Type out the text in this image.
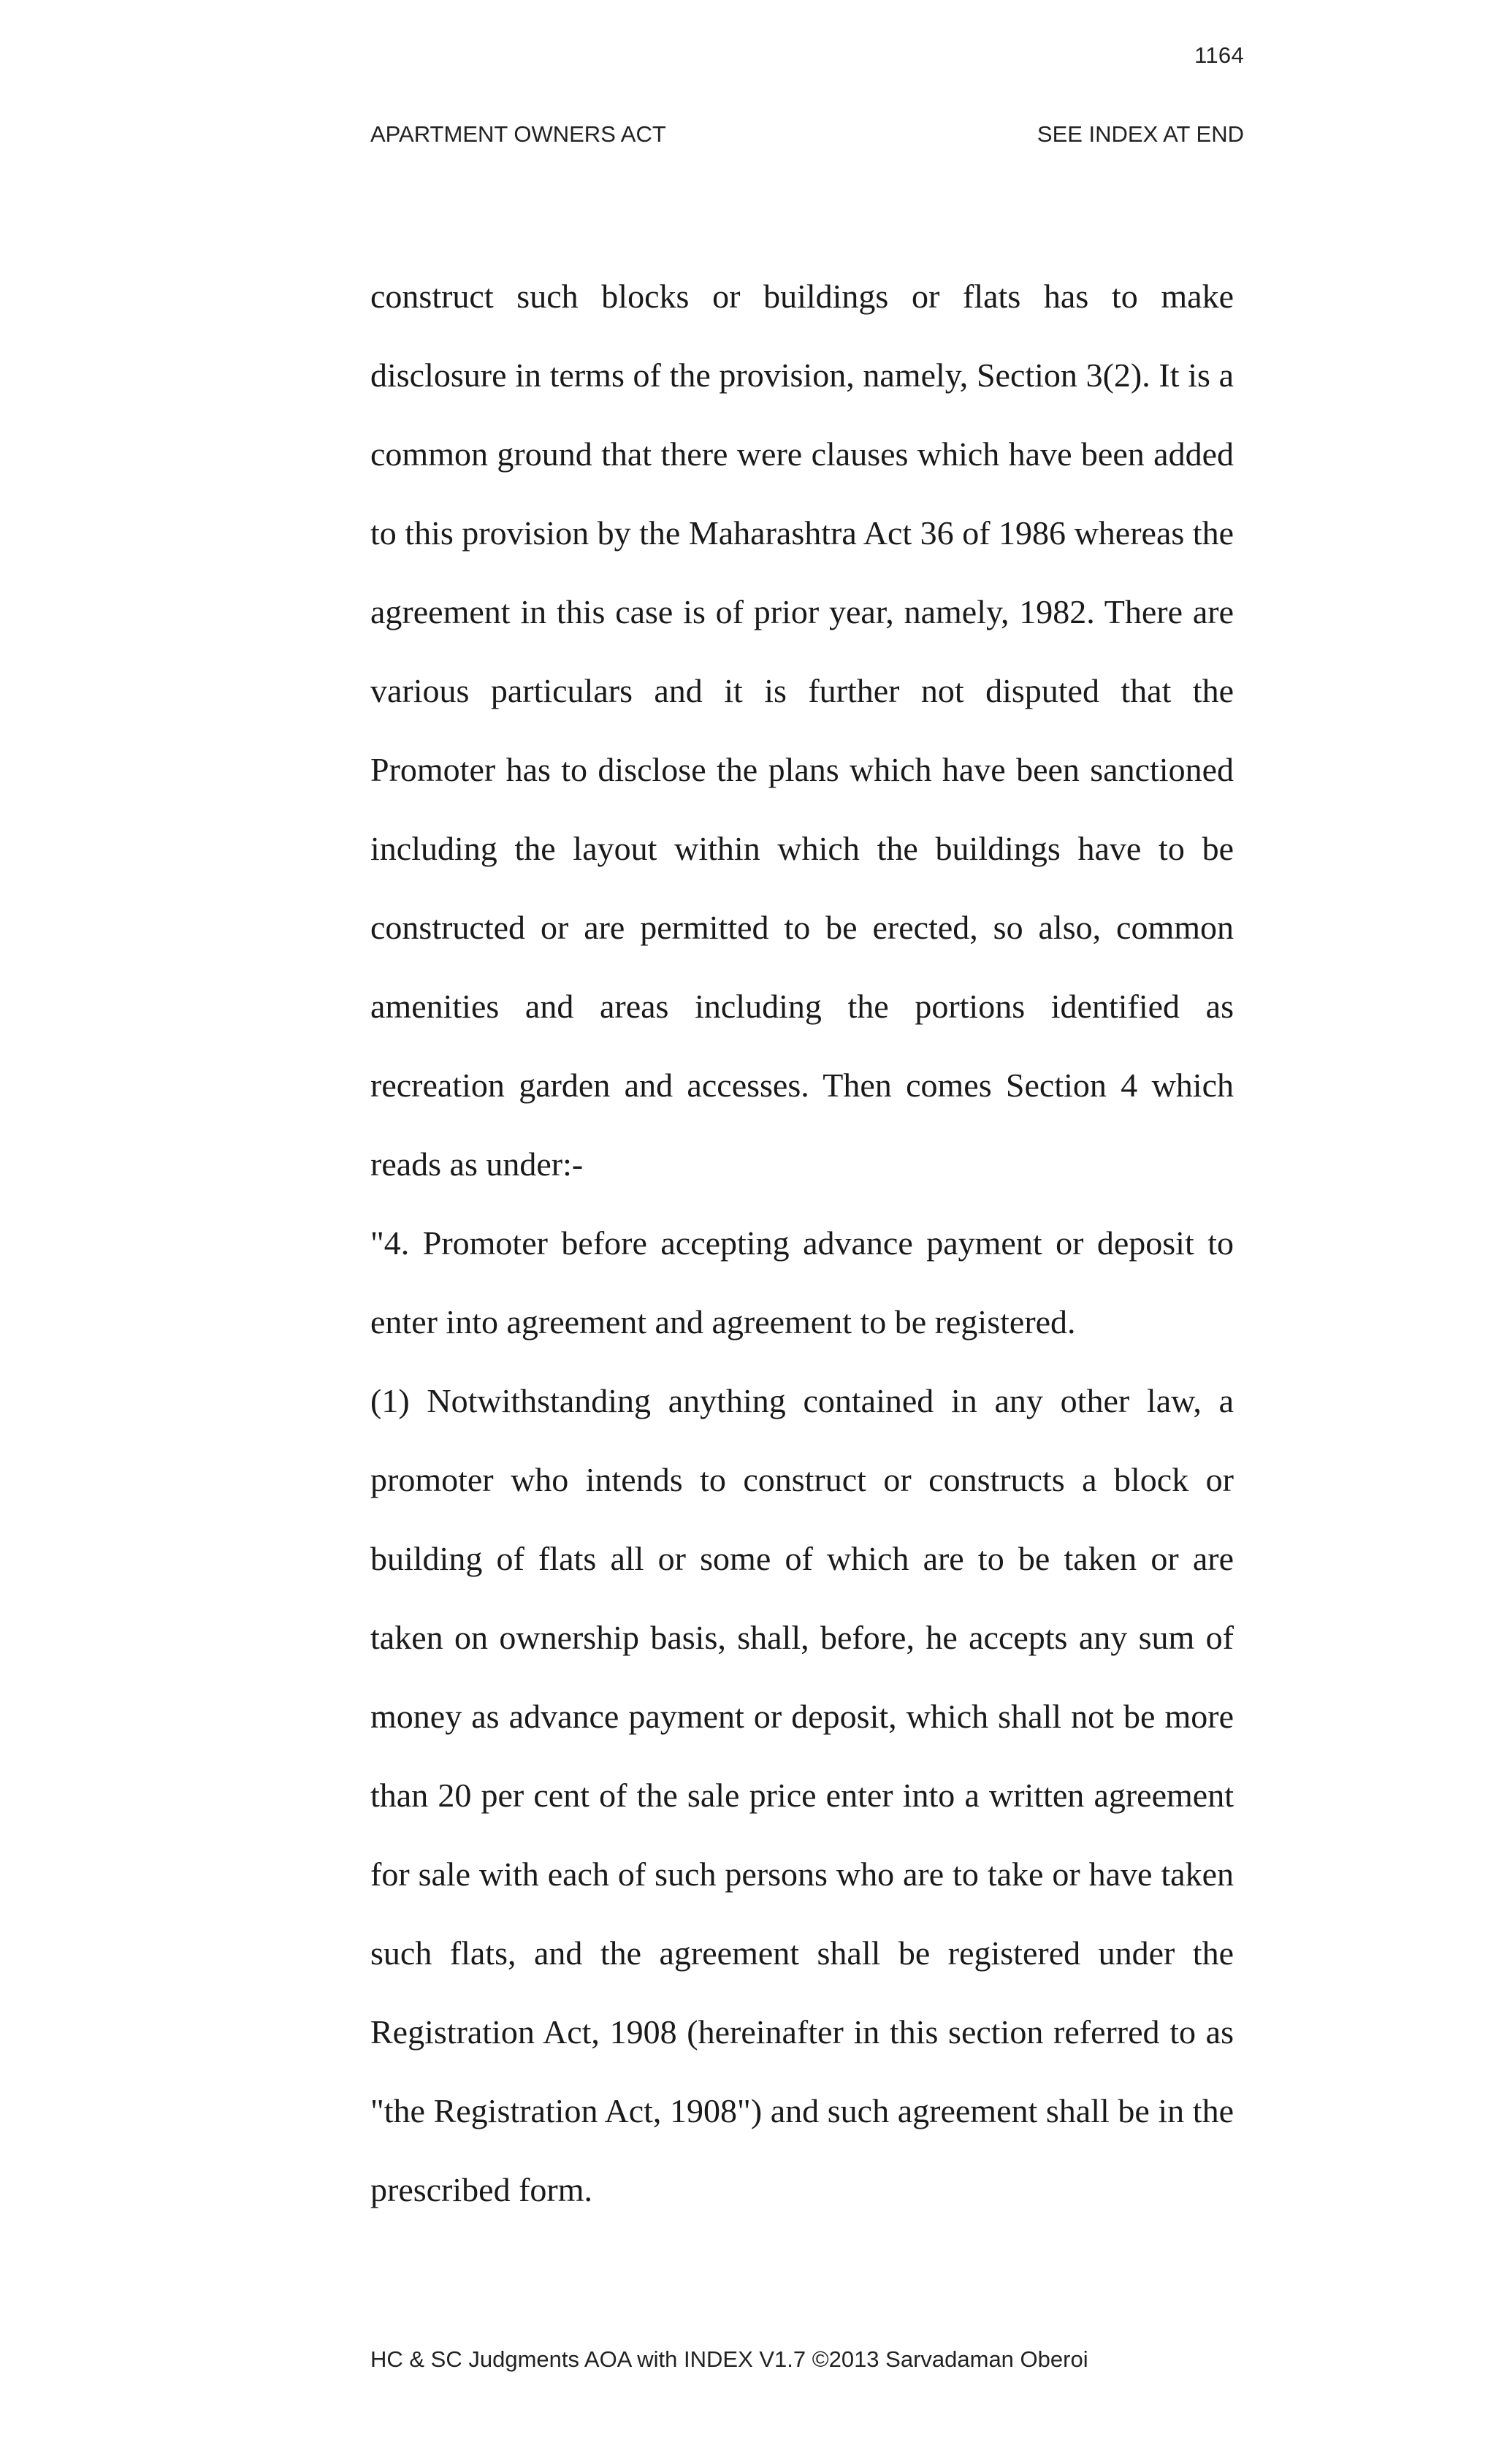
1164
APARTMENT OWNERS ACT	SEE INDEX AT END

construct such blocks or buildings or flats has to make disclosure in terms of the provision, namely, Section 3(2). It is a common ground that there were clauses which have been added to this provision by the Maharashtra Act 36 of 1986 whereas the agreement in this case is of prior year, namely, 1982. There are various particulars and it is further not disputed that the Promoter has to disclose the plans which have been sanctioned including the layout within which the buildings have to be constructed or are permitted to be erected, so also, common amenities and areas including the portions identified as recreation garden and accesses. Then comes Section 4 which reads as under:-

"4. Promoter before accepting advance payment or deposit to enter into agreement and agreement to be registered.

(1) Notwithstanding anything contained in any other law, a promoter who intends to construct or constructs a block or building of flats all or some of which are to be taken or are taken on ownership basis, shall, before, he accepts any sum of money as advance payment or deposit, which shall not be more than 20 per cent of the sale price enter into a written agreement for sale with each of such persons who are to take or have taken such flats, and the agreement shall be registered under the Registration Act, 1908 (hereinafter in this section referred to as "the Registration Act, 1908") and such agreement shall be in the prescribed form.

HC & SC Judgments AOA with INDEX V1.7 ©2013 Sarvadaman Oberoi
